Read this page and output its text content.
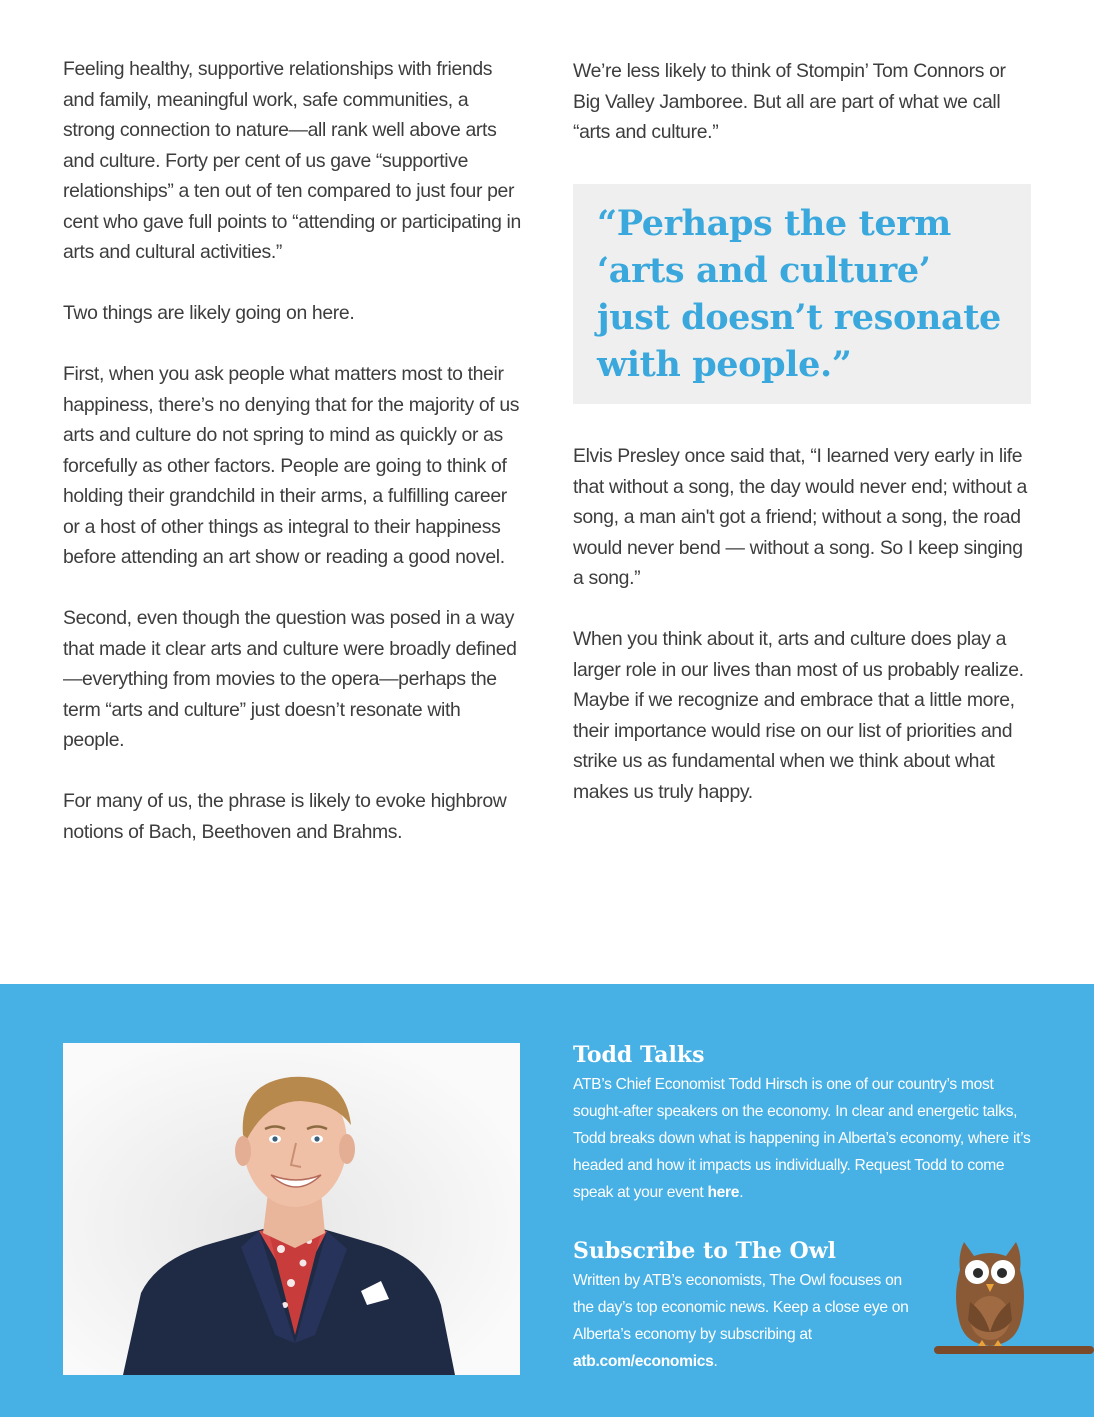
Feeling healthy, supportive relationships with friends and family, meaningful work, safe communities, a strong connection to nature—all rank well above arts and culture. Forty per cent of us gave “supportive relationships” a ten out of ten compared to just four per cent who gave full points to “attending or participating in arts and cultural activities.”

Two things are likely going on here.

First, when you ask people what matters most to their happiness, there’s no denying that for the majority of us arts and culture do not spring to mind as quickly or as forcefully as other factors. People are going to think of holding their grandchild in their arms, a fulfilling career or a host of other things as integral to their happiness before attending an art show or reading a good novel.

Second, even though the question was posed in a way that made it clear arts and culture were broadly defined—everything from movies to the opera—perhaps the term “arts and culture” just doesn’t resonate with people.

For many of us, the phrase is likely to evoke highbrow notions of Bach, Beethoven and Brahms.

We’re less likely to think of Stompin’ Tom Connors or Big Valley Jamboree. But all are part of what we call “arts and culture.”

“Perhaps the term
‘arts and culture’
just doesn’t resonate
with people.”

Elvis Presley once said that, “I learned very early in life that without a song, the day would never end; without a song, a man ain't got a friend; without a song, the road would never bend — without a song. So I keep singing a song.”

When you think about it, arts and culture does play a larger role in our lives than most of us probably realize. Maybe if we recognize and embrace that a little more, their importance would rise on our list of priorities and strike us as fundamental when we think about what makes us truly happy.

Todd Talks

ATB’s Chief Economist Todd Hirsch is one of our country’s most sought-after speakers on the economy. In clear and energetic talks, Todd breaks down what is happening in Alberta’s economy, where it’s headed and how it impacts us individually. Request Todd to come speak at your event here.

Subscribe to The Owl

Written by ATB’s economists, The Owl focuses on the day’s top economic news. Keep a close eye on Alberta’s economy by subscribing at atb.com/economics.
